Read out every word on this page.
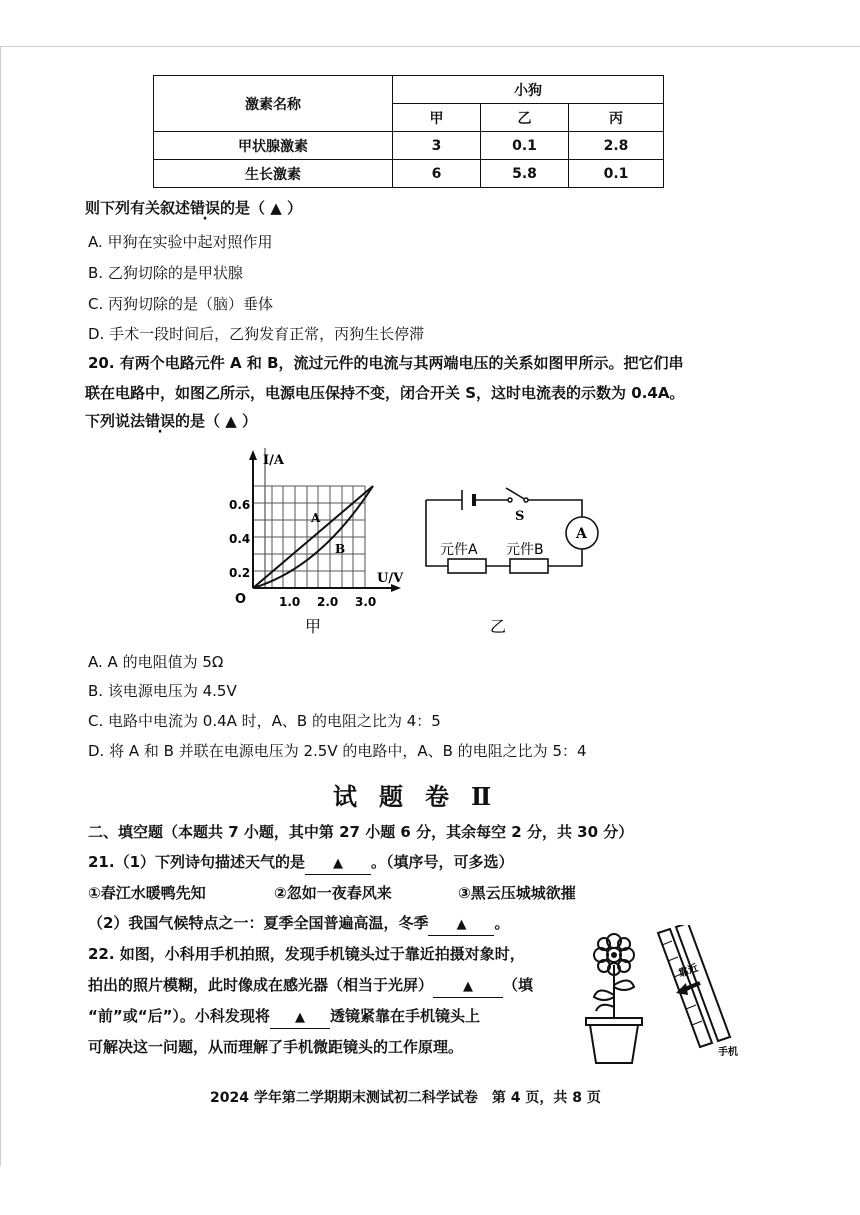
激素名称	小狗		
	甲	乙	丙
甲状腺激素	3	0.1	2.8
生长激素	6	5.8	0.1
则下列有关叙述错误的是（ ▲ ）
A. 甲狗在实验中起对照作用
B. 乙狗切除的是甲状腺
C. 丙狗切除的是（脑）垂体
D. 手术一段时间后，乙狗发育正常，丙狗生长停滞
20. 有两个电路元件 A 和 B，流过元件的电流与其两端电压的关系如图甲所示。把它们串
联在电路中，如图乙所示，电源电压保持不变，闭合开关 S，这时电流表的示数为 0.4A。
下列说法错误的是（ ▲ ）
I/A
U/V
O
0.2
0.4
0.6
1.0 2.0 3.0
A
B
甲
S
A
元件A 元件B
乙
A. A 的电阻值为 5Ω
B. 该电源电压为 4.5V
C. 电路中电流为 0.4A 时，A、B 的电阻之比为 4：5
D. 将 A 和 B 并联在电源电压为 2.5V 的电路中，A、B 的电阻之比为 5：4
试题卷Ⅱ
二、填空题（本题共 7 小题，其中第 27 小题 6 分，其余每空 2 分，共 30 分）
21.（1）下列诗句描述天气的是 ▲ 。（填序号，可多选）
①春江水暖鸭先知	②忽如一夜春风来	③黑云压城城欲摧
（2）我国气候特点之一：夏季全国普遍高温，冬季 ▲ 。
22. 如图，小科用手机拍照，发现手机镜头过于靠近拍摄对象时，
拍出的照片模糊，此时像成在感光器（相当于光屏） ▲ （填
“前”或“后”）。小科发现将 ▲ 透镜紧靠在手机镜头上
可解决这一问题，从而理解了手机微距镜头的工作原理。
靠近
手机
2024 学年第二学期期末测试初二科学试卷　第 4 页，共 8 页
